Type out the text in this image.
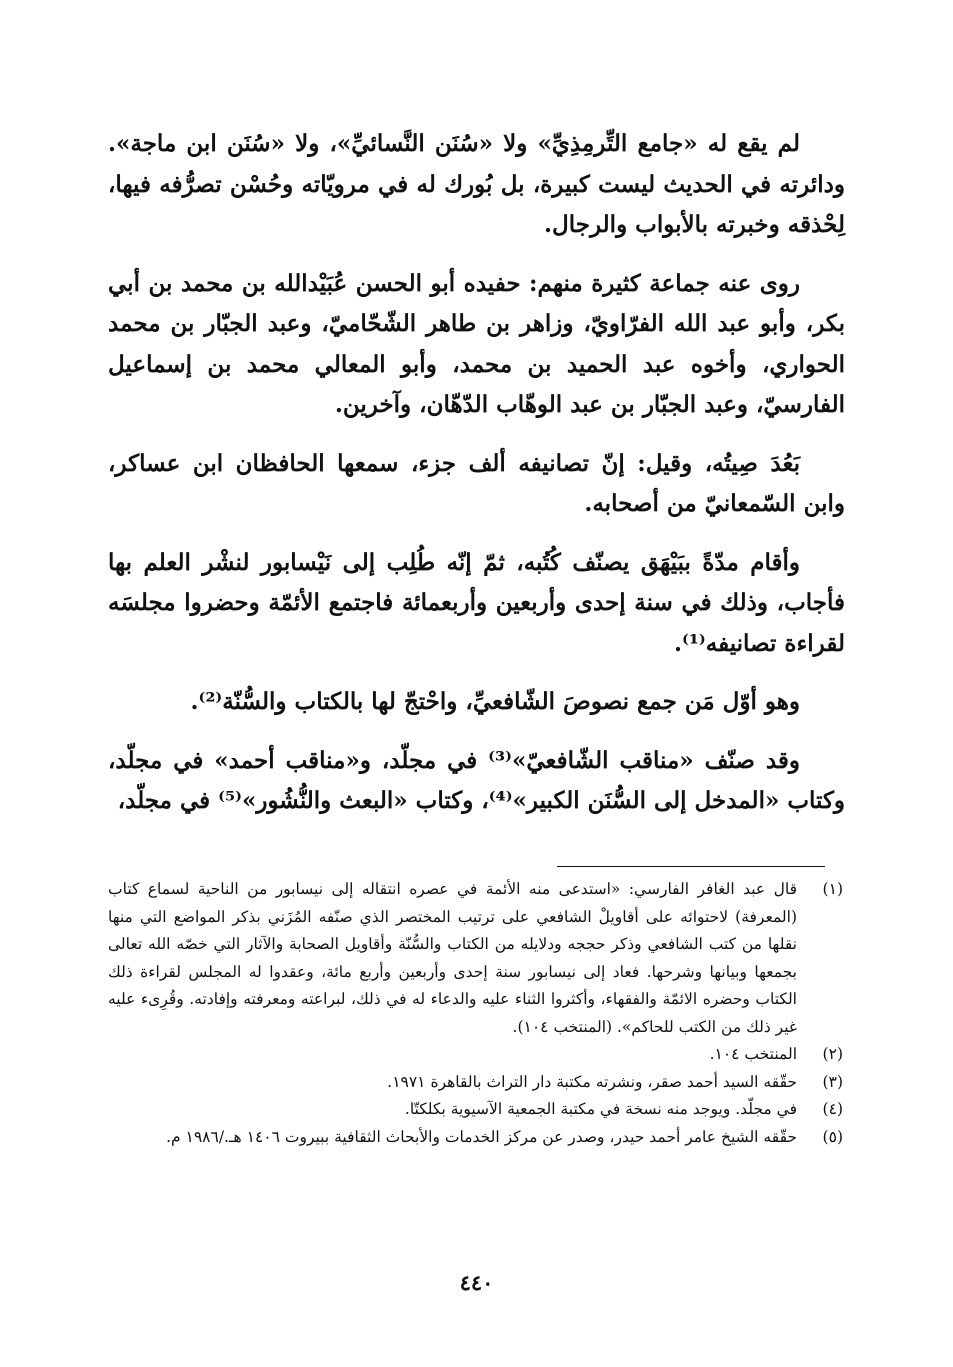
لم يقع له «جامع التِّرمِذِيِّ» ولا «سُنَن النَّسائيِّ»، ولا «سُنَن ابن ماجة». ودائرته في الحديث ليست كبيرة، بل بُورك له في مرويّاته وحُسْن تصرُّفه فيها، لِحْذقه وخبرته بالأبواب والرجال.

روى عنه جماعة كثيرة منهم: حفيده أبو الحسن عُبَيْدالله بن محمد بن أبي بكر، وأبو عبد الله الفرّاويّ، وزاهر بن طاهر الشّحّاميّ، وعبد الجبّار بن محمد الحواري، وأخوه عبد الحميد بن محمد، وأبو المعالي محمد بن إسماعيل الفارسيّ، وعبد الجبّار بن عبد الوهّاب الدّهّان، وآخرين.

بَعُدَ صِيتُه، وقيل: إنّ تصانيفه ألف جزء، سمعها الحافظان ابن عساكر، وابن السّمعانيّ من أصحابه.

وأقام مدّةً ببَيْهَق يصنّف كُتُبه، ثمّ إنّه طُلِب إلى نَيْسابور لنشْر العلم بها فأجاب، وذلك في سنة إحدى وأربعين وأربعمائة فاجتمع الأئمّة وحضروا مجلسَه لقراءة تصانيفه⁽¹⁾.

وهو أوّل مَن جمع نصوصَ الشّافعيِّ، واحْتجّ لها بالكتاب والسُّنّة⁽²⁾.

وقد صنّف «مناقب الشّافعيّ»⁽³⁾ في مجلّد، و«مناقب أحمد» في مجلّد، وكتاب «المدخل إلى السُّنَن الكبير»⁽⁴⁾، وكتاب «البعث والنُّشُور»⁽⁵⁾ في مجلّد،

(١)
قال عبد الغافر الفارسي: «استدعى منه الأئمة في عصره انتقاله إلى نيسابور من الناحية لسماع كتاب (المعرفة) لاحتوائه على أقاويلْ الشافعي على ترتيب المختصر الذي صنّفه المُزَني بذكر المواضع التي منها نقلها من كتب الشافعي وذكر حججه ودلايله من الكتاب والسُّنّة وأقاويل الصحابة والآثار التي خصّه الله تعالى بجمعها وبيانها وشرحها. فعاد إلى نيسابور سنة إحدى وأربعين وأربع مائة، وعقدوا له المجلس لقراءة ذلك الكتاب وحضره الائمّة والفقهاء، وأكثروا الثناء عليه والدعاء له في ذلك، لبراعته ومعرفته وإفادته. وقُرِىء عليه غير ذلك من الكتب للحاكم». (المنتخب ١٠٤).
(٢)
المنتخب ١٠٤.
(٣)
حقّقه السيد أحمد صقر، ونشرته مكتبة دار التراث بالقاهرة ١٩٧١.
(٤)
في مجلّد. ويوجد منه نسخة في مكتبة الجمعية الآسيوية بكلكتّا.
(٥)
حقّقه الشيخ عامر أحمد حيدر، وصدر عن مركز الخدمات والأبحاث الثقافية ببيروت ١٤٠٦ هـ./١٩٨٦ م.
٤٤٠
